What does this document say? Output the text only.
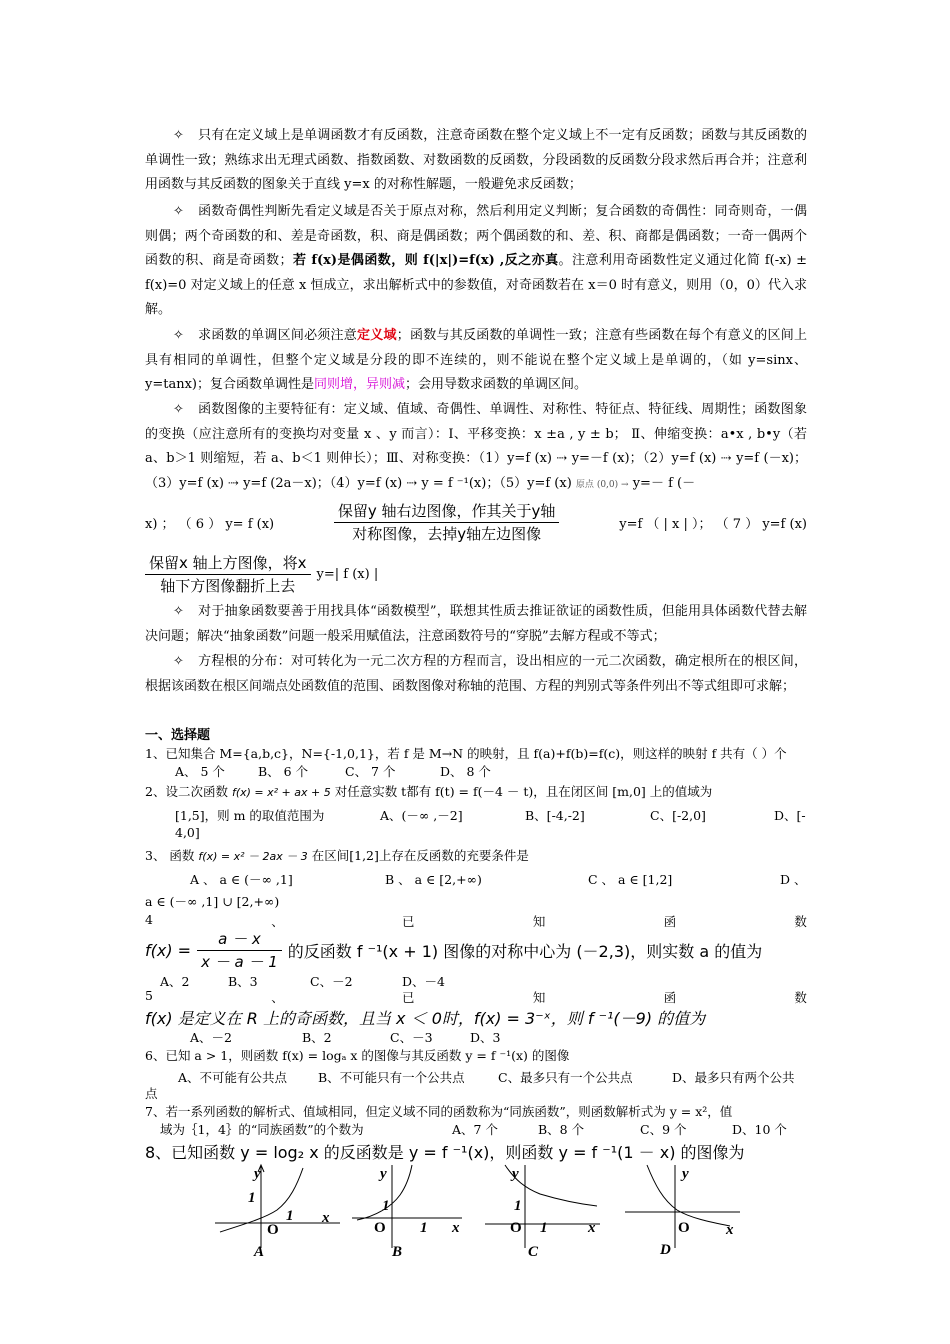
✧ 只有在定义域上是单调函数才有反函数，注意奇函数在整个定义域上不一定有反函数；函数与其反函数的单调性一致；熟练求出无理式函数、指数函数、对数函数的反函数，分段函数的反函数分段求然后再合并；注意利用函数与其反函数的图象关于直线 y=x 的对称性解题，一般避免求反函数；
✧ 函数奇偶性判断先看定义域是否关于原点对称，然后利用定义判断；复合函数的奇偶性：同奇则奇，一偶则偶；两个奇函数的和、差是奇函数，积、商是偶函数；两个偶函数的和、差、积、商都是偶函数；一奇一偶两个函数的积、商是奇函数；若 f(x)是偶函数，则 f(|x|)=f(x) ,反之亦真。注意利用奇函数性定义通过化简 f(-x) ± f(x)=0 对定义域上的任意 x 恒成立，求出解析式中的参数值，对奇函数若在 x＝0 时有意义，则用（0，0）代入求解。
✧ 求函数的单调区间必须注意定义域；函数与其反函数的单调性一致；注意有些函数在每个有意义的区间上具有相同的单调性，但整个定义域是分段的即不连续的，则不能说在整个定义域上是单调的，（如 y=sinx、y=tanx)；复合函数单调性是同则增，异则减；会用导数求函数的单调区间。
✧ 函数图像的主要特征有：定义域、值域、奇偶性、单调性、对称性、特征点、特征线、周期性；函数图象的变换（应注意所有的变换均对变量 x 、y 而言）：Ⅰ、平移变换：x ±a , y ± b； Ⅱ、伸缩变换：a•x , b•y（若 a、b＞1 则缩短，若 a、b＜1 则伸长）；Ⅲ、对称变换：（1）y=f (x) ⇢ y=－f (x)；（2）y=f (x) ⇢ y=f (－x)；（3）y=f (x) ⇢ y=f (2a－x)；（4）y=f (x) ⇢ y = f ⁻¹(x)；（5）y=f (x) 原点 (0,0) → y=－ f (－
x) ； （ 6 ） y= f (x)	$\frac{\text{保留y 轴右边图像，作其关于y轴}}{\text{对称图像，去掉y轴左边图像}}$	y=f （ | x | ）； （ 7 ） y=f (x)
$\frac{\text{保留x 轴上方图像，将x}}{\text{轴下方图像翻折上去}} y=|$ f (x) |
✧ 对于抽象函数要善于用找具体“函数模型”，联想其性质去推证欲证的函数性质，但能用具体函数代替去解决问题；解决“抽象函数”问题一般采用赋值法，注意函数符号的“穿脱”去解方程或不等式；
✧ 方程根的分布：对可转化为一元二次方程的方程而言，设出相应的一元二次函数，确定根所在的根区间，根据该函数在根区间端点处函数值的范围、函数图像对称轴的范围、方程的判别式等条件列出不等式组即可求解；
一、选择题
1、已知集合 M={a,b,c}，N={-1,0,1}，若 f 是 M→N 的映射，且 f(a)+f(b)=f(c)，则这样的映射 f 共有（ ）个
A、 5 个	B、 6 个	C、 7 个	D、 8 个
2、设二次函数 f(x) = x² + ax + 5 对任意实数 t都有 f(t) = f(－4 － t)，且在闭区间 [m,0] 上的值域为
[1,5]，则 m 的取值范围为	A、(－∞ ,－2]	B、[-4,-2]	C、[-2,0]	D、[-
4,0]
3、 函数 f(x) = x² － 2ax － 3 在区间[1,2]上存在反函数的充要条件是
A 、 a ∈ (－∞ ,1]	B 、 a ∈ [2,+∞)	C 、 a ∈ [1,2]	D 、
a ∈ (－∞ ,1] ∪ [2,+∞)
4	、	已	知	函	数
$f(x) = \frac{a - x}{x - a - 1}$ 的反函数 f ⁻¹(x + 1) 图像的对称中心为 (－2,3)，则实数 a 的值为
A、2	B、3	C、－2	D、－4
5	、	已	知	函	数
f(x) 是定义在 R 上的奇函数，且当 x ＜ 0时，f(x) = 3⁻ˣ，则 f ⁻¹(－9) 的值为
A、－2	B、2	C、－3	D、3
6、已知 a > 1，则函数 f(x) = logₐ x 的图像与其反函数 y = f ⁻¹(x) 的图像
A、不可能有公共点 B、不可能只有一个公共点	C、最多只有一个公共点	D、最多只有两个公共
点
7、若一系列函数的解析式、值域相同，但定义域不同的函数称为“同族函数”，则函数解析式为 y = x²，值
域为｛1，4｝的“同族函数”的个数为	A、7 个	B、8 个	C、9 个	D、10 个
8、已知函数 y = log₂ x 的反函数是 y = f ⁻¹(x)，则函数 y = f ⁻¹(1 － x) 的图像为
y
1
1 x
O
A
y
1
1 x
O
B
y
1
1	x
O
C
y
x
O
D
